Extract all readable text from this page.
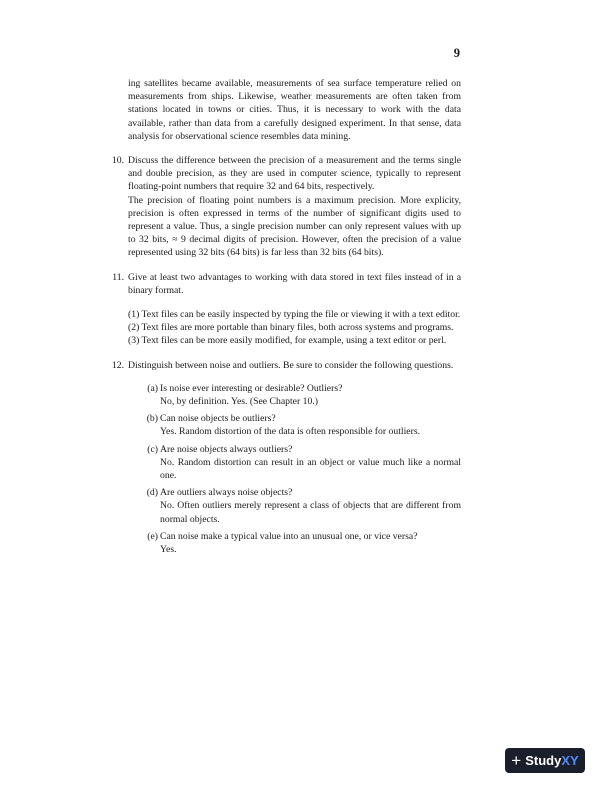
9

ing satellites became available, measurements of sea surface temperature relied on measurements from ships. Likewise, weather measurements are often taken from stations located in towns or cities. Thus, it is necessary to work with the data available, rather than data from a carefully designed experiment. In that sense, data analysis for observational science resembles data mining.

10. Discuss the difference between the precision of a measurement and the terms single and double precision, as they are used in computer science, typically to represent floating-point numbers that require 32 and 64 bits, respectively.

The precision of floating point numbers is a maximum precision. More explicity, precision is often expressed in terms of the number of significant digits used to represent a value. Thus, a single precision number can only represent values with up to 32 bits, ≈ 9 decimal digits of precision. However, often the precision of a value represented using 32 bits (64 bits) is far less than 32 bits (64 bits).

11. Give at least two advantages to working with data stored in text files instead of in a binary format.

(1) Text files can be easily inspected by typing the file or viewing it with a text editor.

(2) Text files are more portable than binary files, both across systems and programs.

(3) Text files can be more easily modified, for example, using a text editor or perl.

12. Distinguish between noise and outliers. Be sure to consider the following questions.

(a) Is noise ever interesting or desirable? Outliers?
No, by definition. Yes. (See Chapter 10.)
(b) Can noise objects be outliers?
Yes. Random distortion of the data is often responsible for outliers.
(c) Are noise objects always outliers?
No. Random distortion can result in an object or value much like a normal one.
(d) Are outliers always noise objects?
No. Often outliers merely represent a class of objects that are different from normal objects.
(e) Can noise make a typical value into an unusual one, or vice versa?
Yes.
+ Study XY
